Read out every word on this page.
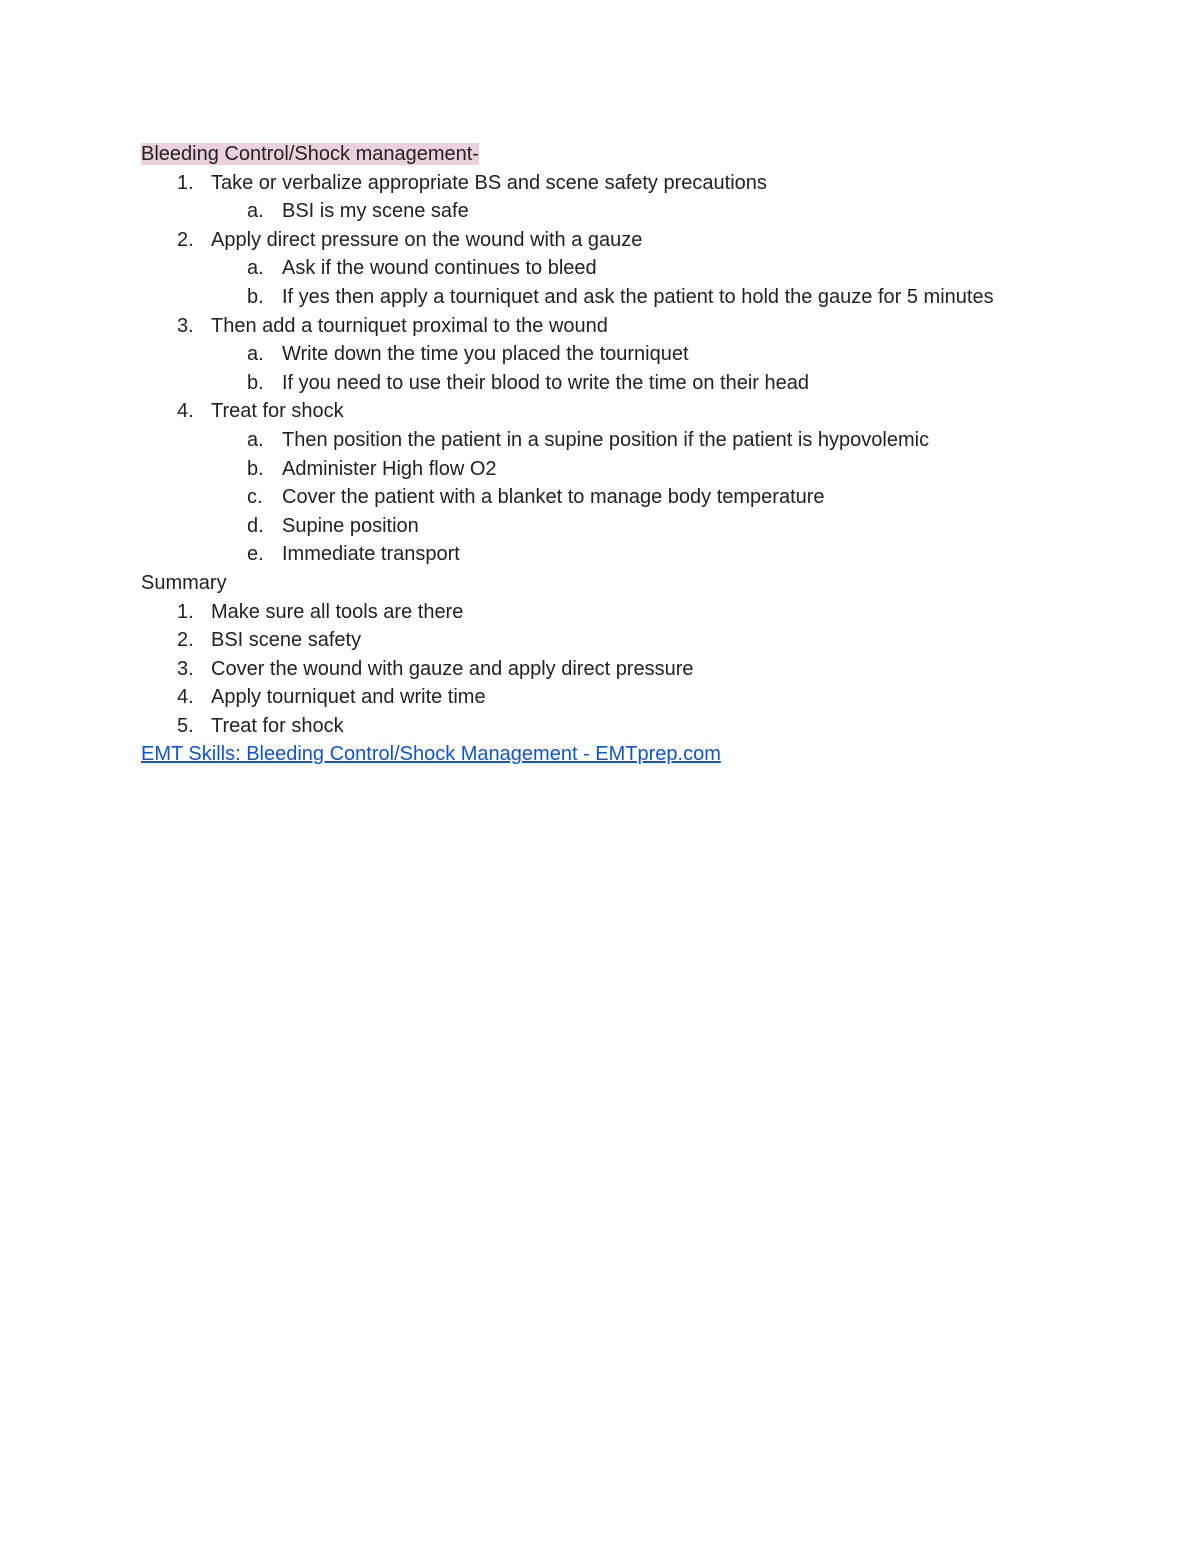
Bleeding Control/Shock management-
1. Take or verbalize appropriate BS and scene safety precautions
a. BSI is my scene safe
2. Apply direct pressure on the wound with a gauze
a. Ask if the wound continues to bleed
b. If yes then apply a tourniquet and ask the patient to hold the gauze for 5 minutes
3. Then add a tourniquet proximal to the wound
a. Write down the time you placed the tourniquet
b. If you need to use their blood to write the time on their head
4. Treat for shock
a. Then position the patient in a supine position if the patient is hypovolemic
b. Administer High flow O2
c. Cover the patient with a blanket to manage body temperature
d. Supine position
e. Immediate transport
Summary
1. Make sure all tools are there
2. BSI scene safety
3. Cover the wound with gauze and apply direct pressure
4. Apply tourniquet and write time
5. Treat for shock
EMT Skills: Bleeding Control/Shock Management - EMTprep.com
